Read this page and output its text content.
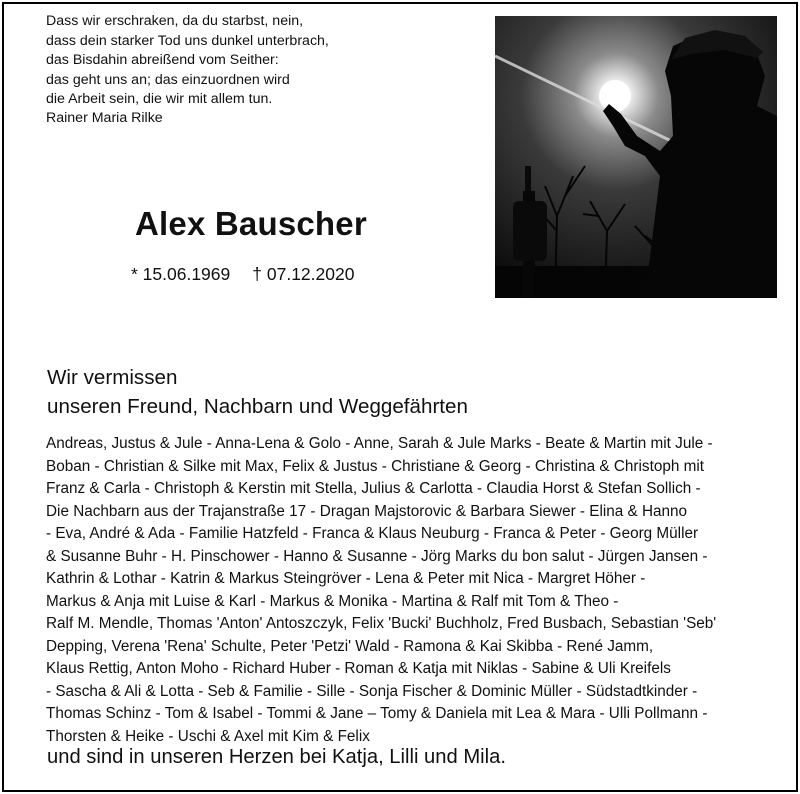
Dass wir erschraken, da du starbst, nein,
dass dein starker Tod uns dunkel unterbrach,
das Bisdahin abreißend vom Seither:
das geht uns an; das einzuordnen wird
die Arbeit sein, die wir mit allem tun.
Rainer Maria Rilke
Alex Bauscher
* 15.06.1969 † 07.12.2020
Wir vermissen
unseren Freund, Nachbarn und Weggefährten
Andreas, Justus & Jule - Anna-Lena & Golo - Anne, Sarah & Jule Marks - Beate & Martin mit Jule -
Boban - Christian & Silke mit Max, Felix & Justus - Christiane & Georg - Christina & Christoph mit
Franz & Carla - Christoph & Kerstin mit Stella, Julius & Carlotta - Claudia Horst & Stefan Sollich -
Die Nachbarn aus der Trajanstraße 17 - Dragan Majstorovic & Barbara Siewer - Elina & Hanno
- Eva, André & Ada - Familie Hatzfeld - Franca & Klaus Neuburg - Franca & Peter - Georg Müller
& Susanne Buhr - H. Pinschower - Hanno & Susanne - Jörg Marks du bon salut - Jürgen Jansen -
Kathrin & Lothar - Katrin & Markus Steingröver - Lena & Peter mit Nica - Margret Höher -
Markus & Anja mit Luise & Karl - Markus & Monika - Martina & Ralf mit Tom & Theo -
Ralf M. Mendle, Thomas 'Anton' Antoszczyk, Felix 'Bucki' Buchholz, Fred Busbach, Sebastian 'Seb'
Depping, Verena 'Rena' Schulte, Peter 'Petzi' Wald - Ramona & Kai Skibba - René Jamm,
Klaus Rettig, Anton Moho - Richard Huber - Roman & Katja mit Niklas - Sabine & Uli Kreifels
- Sascha & Ali & Lotta - Seb & Familie - Sille - Sonja Fischer & Dominic Müller - Südstadtkinder -
Thomas Schinz - Tom & Isabel - Tommi & Jane – Tomy & Daniela mit Lea & Mara - Ulli Pollmann -
Thorsten & Heike - Uschi & Axel mit Kim & Felix
und sind in unseren Herzen bei Katja, Lilli und Mila.
